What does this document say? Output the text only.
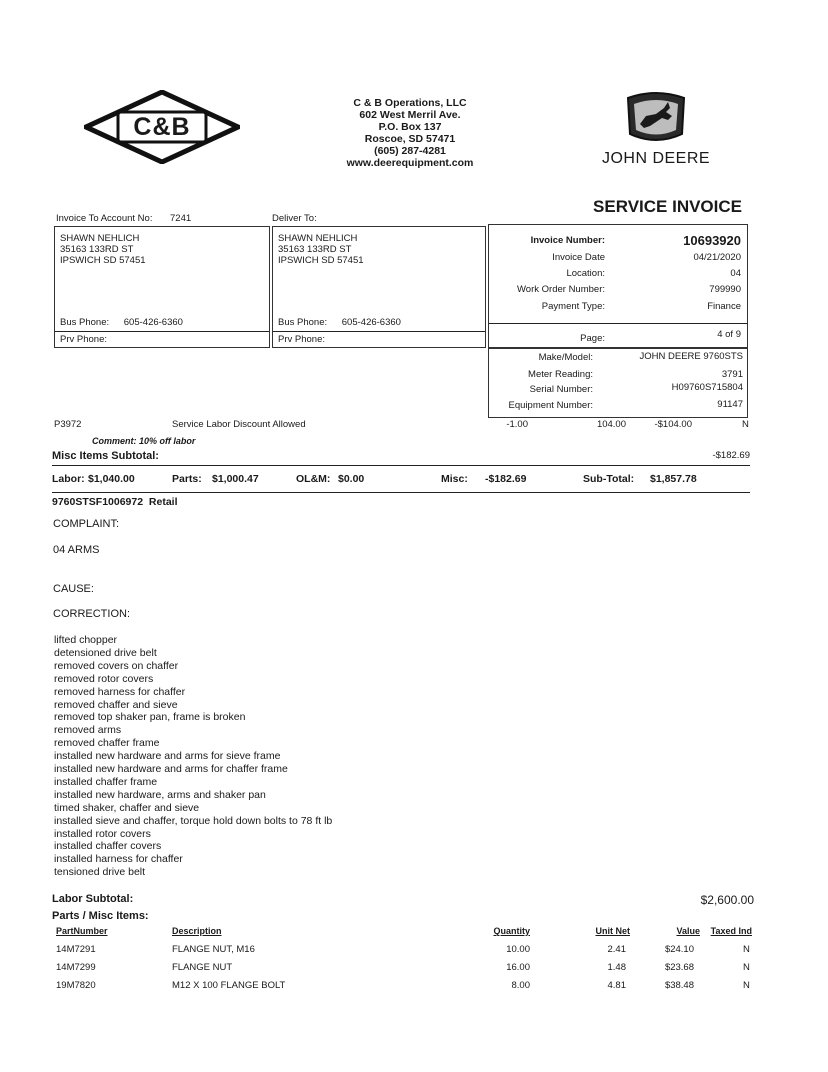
C&B
C & B Operations, LLC
602 West Merril Ave.
P.O. Box 137
Roscoe, SD 57471
(605) 287-4281
www.deerequipment.com	JOHN DEERE
SERVICE INVOICE
Invoice To Account No: 7241	Deliver To:
SHAWN NEHLICH
35163 133RD ST
IPSWICH SD 57451
Bus Phone: 605-426-6360
Prv Phone:
SHAWN NEHLICH
35163 133RD ST
IPSWICH SD 57451
Bus Phone: 605-426-6360
Prv Phone:
Invoice Number:	10693920
Invoice Date	04/21/2020
Location:	04
Work Order Number:	799990
Payment Type:	Finance
Page:	4 of 9
Make/Model:	JOHN DEERE 9760STS
Meter Reading:	3791
Serial Number:	H09760S715804
Equipment Number:	91147
P3972	Service Labor Discount Allowed	-1.00	104.00	-$104.00	N
Comment: 10% off labor
Misc Items Subtotal:	-$182.69
Labor: $1,040.00	Parts: $1,000.47	OL&M: $0.00	Misc: -$182.69	Sub-Total: $1,857.78
9760STSF1006972  Retail
COMPLAINT:
04 ARMS
CAUSE:
CORRECTION:
lifted chopper
detensioned drive belt
removed covers on chaffer
removed rotor covers
removed harness for chaffer
removed chaffer and sieve
removed top shaker pan, frame is broken
removed arms
removed chaffer frame
installed new hardware and arms for sieve frame
installed new hardware and arms for chaffer frame
installed chaffer frame
installed new hardware, arms and shaker pan
timed shaker, chaffer and sieve
installed sieve and chaffer, torque hold down bolts to 78 ft lb
installed rotor covers
installed chaffer covers
installed harness for chaffer
tensioned drive belt
Labor Subtotal:	$2,600.00
Parts / Misc Items:
PartNumber	Description	Quantity	Unit Net	Value Taxed Ind
14M7291	FLANGE NUT, M16	10.00	2.41	$24.10	N
14M7299	FLANGE NUT	16.00	1.48	$23.68	N
19M7820	M12 X 100 FLANGE BOLT	8.00	4.81	$38.48	N
